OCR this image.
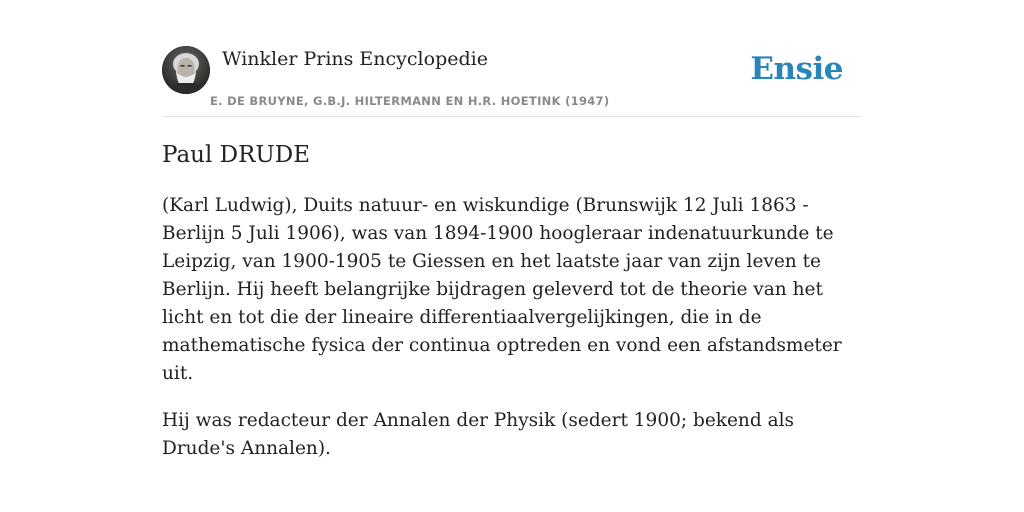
Winkler Prins Encyclopedie
E. DE BRUYNE, G.B.J. HILTERMANN EN H.R. HOETINK (1947)
Ensie
Paul DRUDE

(Karl Ludwig), Duits natuur- en wiskundige (Brunswijk 12 Juli 1863 - Berlijn 5 Juli 1906), was van 1894-1900 hoogleraar indenatuurkunde te Leipzig, van 1900-1905 te Giessen en het laatste jaar van zijn leven te Berlijn. Hij heeft belangrijke bijdragen geleverd tot de theorie van het licht en tot die der lineaire differentiaalvergelijkingen, die in de mathematische fysica der continua optreden en vond een afstandsmeter uit.

Hij was redacteur der Annalen der Physik (sedert 1900; bekend als Drude's Annalen).
